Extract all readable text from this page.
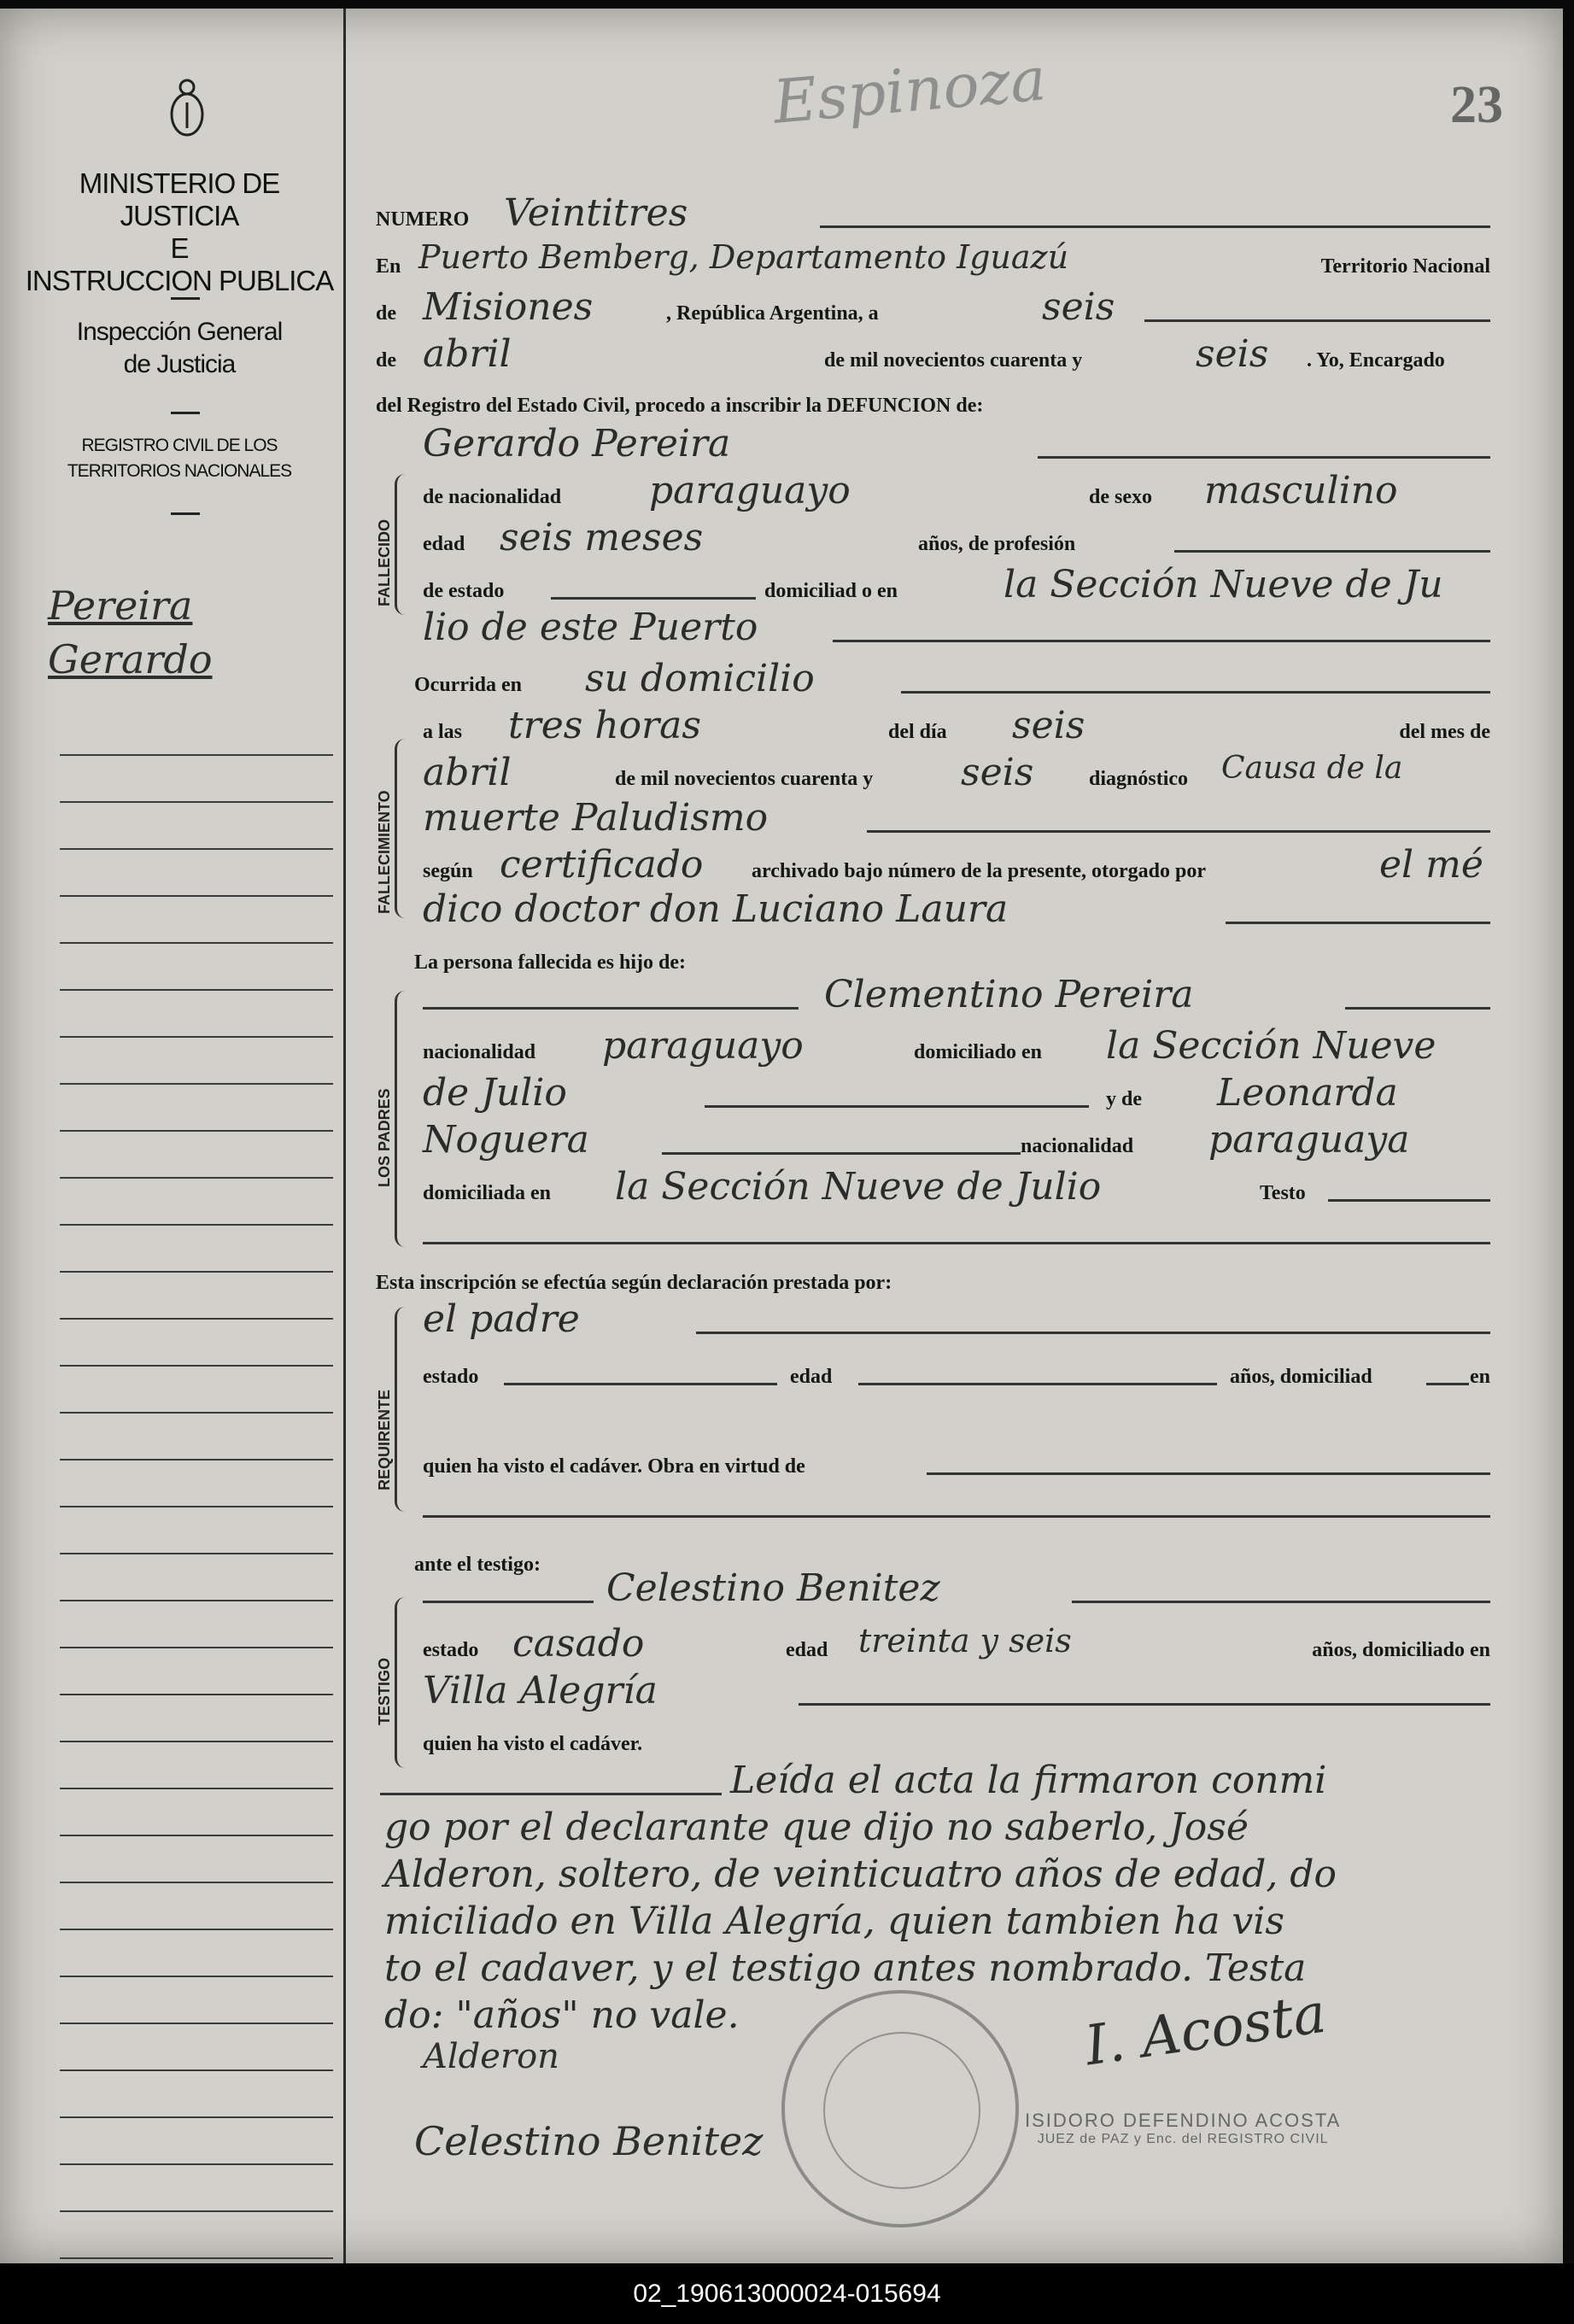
MINISTERIO DE JUSTICIA
E
INSTRUCCION PUBLICA
Inspección General
de Justicia
REGISTRO CIVIL DE LOS
TERRITORIOS NACIONALES
Pereira
Gerardo
Espinoza	23
NUMERO Veintitres
En Puerto Bemberg, Departamento Iguazú	Territorio Nacional
de Misiones	, República Argentina, a	seis
de abril	de mil novecientos cuarenta y	seis . Yo, Encargado
del Registro del Estado Civil, procedo a inscribir la DEFUNCION de:
FALLECIDO
Gerardo Pereira
de nacionalidad paraguayo	de sexo masculino
edad seis meses	años, de profesión
de estado	domiciliad o en	la Sección Nueve de Ju
lio de este Puerto
FALLECIMIENTO
Ocurrida en su domicilio
a las tres horas	del día seis	del mes de
abril	de mil novecientos cuarenta y seis	diagnóstico Causa de la
muerte Paludismo
según certificado archivado bajo número de la presente, otorgado por	el mé
dico doctor don Luciano Laura
La persona fallecida es hijo de:
LOS PADRES
Clementino Pereira
nacionalidad paraguayo	domiciliado en la Sección Nueve
de Julio	y de Leonarda
Noguera	nacionalidad paraguaya
domiciliada en la Sección Nueve de Julio	Testo
Esta inscripción se efectúa según declaración prestada por:
REQUIRENTE
el padre
estado	edad	años, domiciliad	en
quien ha visto el cadáver. Obra en virtud de
ante el testigo:
TESTIGO
Celestino Benitez
estado casado	edad treinta y seis	años, domiciliado en
Villa Alegría
quien ha visto el cadáver.
Leída el acta la firmaron conmi
go por el declarante que dijo no saberlo, José
Alderon, soltero, de veinticuatro años de edad, do
miciliado en Villa Alegría, quien tambien ha vis
to el cadaver, y el testigo antes nombrado. Testa
do: "años" no vale.
Alderon
Celestino Benitez
I. Acosta
ISIDORO DEFENDINO ACOSTA
JUEZ de PAZ y Enc. del REGISTRO CIVIL
02_190613000024-015694
